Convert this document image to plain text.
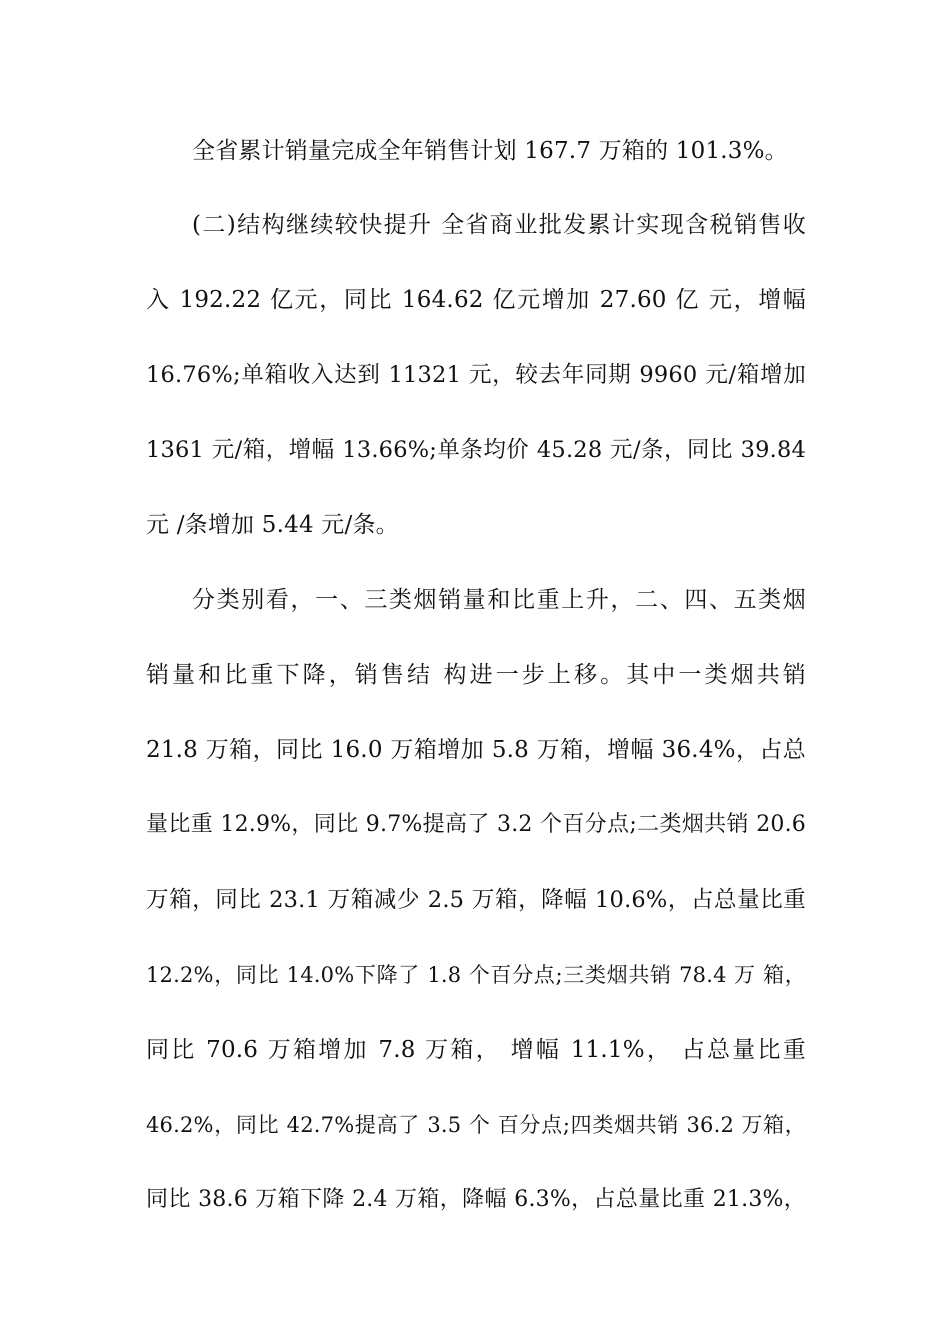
全省累计销量完成全年销售计划 167.7 万箱的 101.3%。
(二)结构继续较快提升 全省商业批发累计实现含税销售收
入 192.22 亿元，同比 164.62 亿元增加 27.60 亿 元，增幅
16.76%;单箱收入达到 11321 元，较去年同期 9960 元/箱增加
1361 元/箱，增幅 13.66%;单条均价 45.28 元/条，同比 39.84
元 /条增加 5.44 元/条。
分类别看，一、三类烟销量和比重上升，二、四、五类烟
销量和比重下降，销售结 构进一步上移。其中一类烟共销
21.8 万箱，同比 16.0 万箱增加 5.8 万箱，增幅 36.4%，占总
量比重 12.9%，同比 9.7%提高了 3.2 个百分点;二类烟共销 20.6
万箱，同比 23.1 万箱减少 2.5 万箱，降幅 10.6%，占总量比重
12.2%，同比 14.0%下降了 1.8 个百分点;三类烟共销 78.4 万 箱，
同比 70.6 万箱增加 7.8 万箱， 增幅 11.1%， 占总量比重
46.2%，同比 42.7%提高了 3.5 个 百分点;四类烟共销 36.2 万箱，
同比 38.6 万箱下降 2.4 万箱，降幅 6.3%，占总量比重 21.3%，
